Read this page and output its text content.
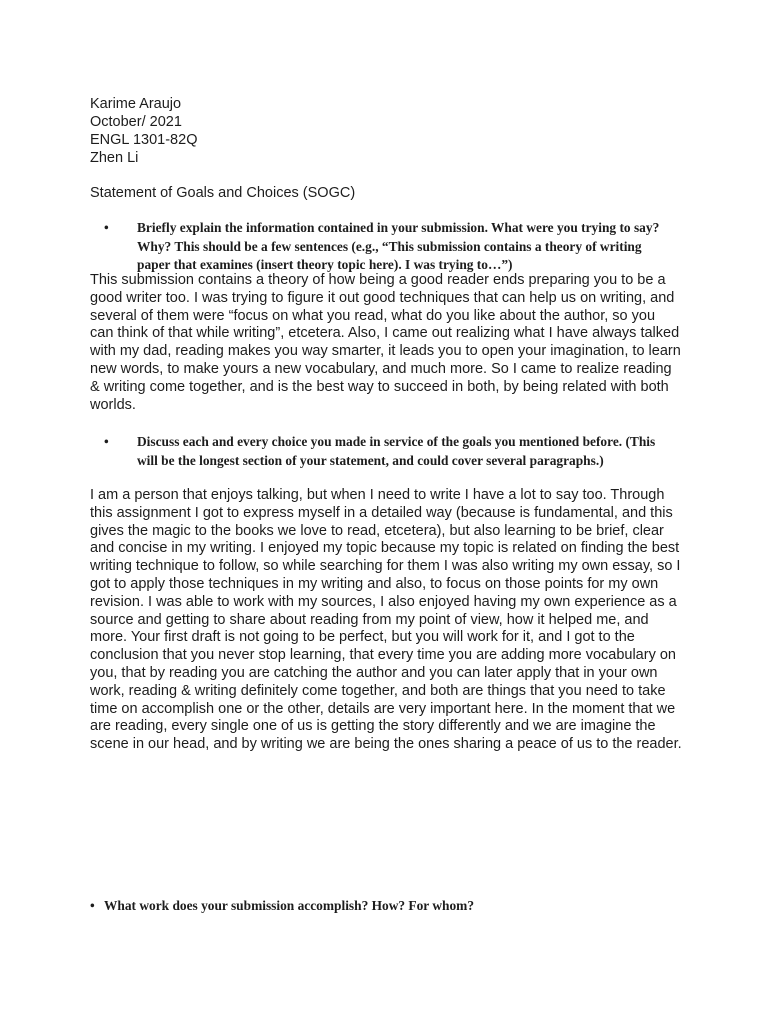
Karime Araujo
October/ 2021
ENGL 1301-82Q
Zhen Li
Statement of Goals and Choices (SOGC)
•	Briefly explain the information contained in your submission. What were you trying to say? Why? This should be a few sentences (e.g., “This submission contains a theory of writing paper that examines (insert theory topic here). I was trying to…”)
This submission contains a theory of how being a good reader ends preparing you to be a good writer too. I was trying to figure it out good techniques that can help us on writing, and several of them were “focus on what you read, what do you like about the author, so you can think of that while writing”, etcetera. Also, I came out realizing what I have always talked with my dad, reading makes you way smarter, it leads you to open your imagination, to learn new words, to make yours a new vocabulary, and much more. So I came to realize reading & writing come together, and is the best way to succeed in both, by being related with both worlds.
•	Discuss each and every choice you made in service of the goals you mentioned before. (This will be the longest section of your statement, and could cover several paragraphs.)
I am a person that enjoys talking, but when I need to write I have a lot to say too. Through this assignment I got to express myself in a detailed way (because is fundamental, and this gives the magic to the books we love to read, etcetera), but also learning to be brief, clear and concise in my writing. I enjoyed my topic because my topic is related on finding the best writing technique to follow, so while searching for them I was also writing my own essay, so I got to apply those techniques in my writing and also, to focus on those points for my own revision. I was able to work with my sources, I also enjoyed having my own experience as a source and getting to share about reading from my point of view, how it helped me, and more. Your first draft is not going to be perfect, but you will work for it, and I got to the conclusion that you never stop learning, that every time you are adding more vocabulary on you, that by reading you are catching the author and you can later apply that in your own work, reading & writing definitely come together, and both are things that you need to take time on accomplish one or the other, details are very important here. In the moment that we are reading, every single one of us is getting the story differently and we are imagine the scene in our head, and by writing we are being the ones sharing a peace of us to the reader.
• What work does your submission accomplish? How? For whom?
